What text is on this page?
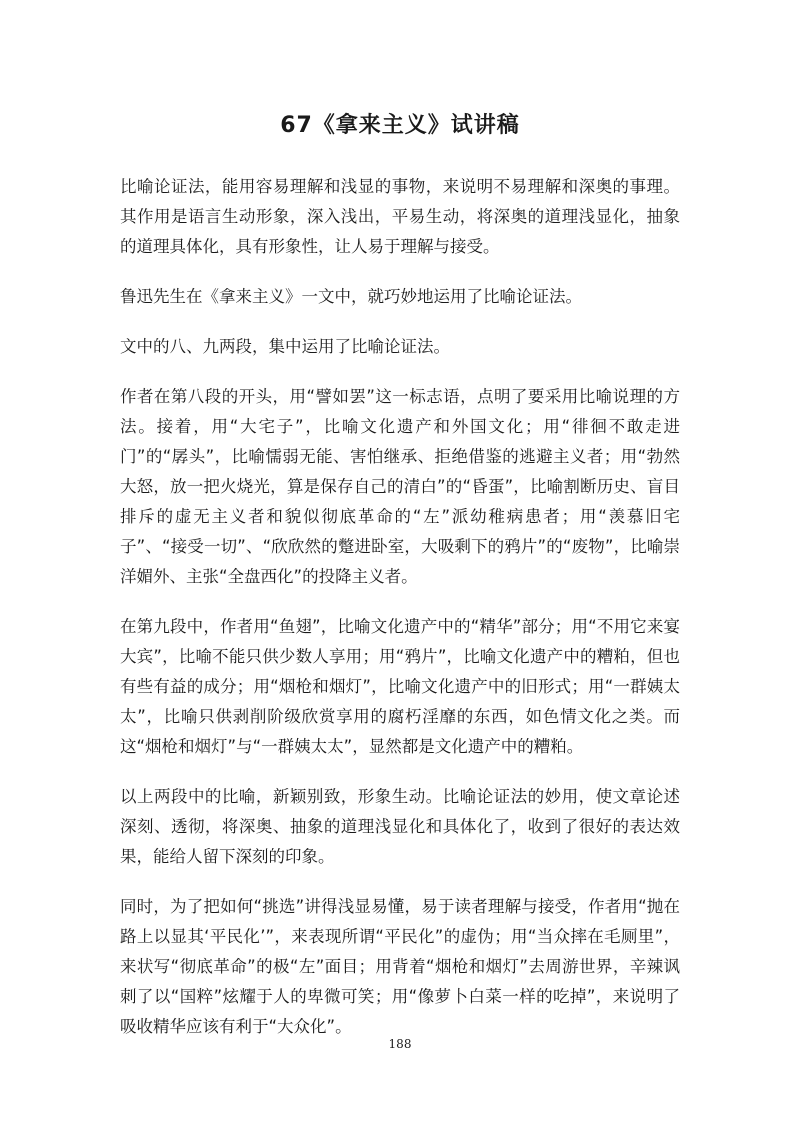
67《拿来主义》试讲稿

比喻论证法，能用容易理解和浅显的事物，来说明不易理解和深奥的事理。其作用是语言生动形象，深入浅出，平易生动，将深奥的道理浅显化，抽象的道理具体化，具有形象性，让人易于理解与接受。

鲁迅先生在《拿来主义》一文中，就巧妙地运用了比喻论证法。

文中的八、九两段，集中运用了比喻论证法。

作者在第八段的开头，用“譬如罢”这一标志语，点明了要采用比喻说理的方法。接着，用“大宅子”，比喻文化遗产和外国文化；用“徘徊不敢走进门”的“孱头”，比喻懦弱无能、害怕继承、拒绝借鉴的逃避主义者；用“勃然大怒，放一把火烧光，算是保存自己的清白”的“昏蛋”，比喻割断历史、盲目排斥的虚无主义者和貌似彻底革命的“左”派幼稚病患者；用“羡慕旧宅子”、“接受一切”、“欣欣然的蹩进卧室，大吸剩下的鸦片”的“废物”，比喻崇洋媚外、主张“全盘西化”的投降主义者。

在第九段中，作者用“鱼翅”，比喻文化遗产中的“精华”部分；用“不用它来宴大宾”，比喻不能只供少数人享用；用“鸦片”，比喻文化遗产中的糟粕，但也有些有益的成分；用“烟枪和烟灯”，比喻文化遗产中的旧形式；用“一群姨太太”，比喻只供剥削阶级欣赏享用的腐朽淫靡的东西，如色情文化之类。而这“烟枪和烟灯”与“一群姨太太”，显然都是文化遗产中的糟粕。

以上两段中的比喻，新颖别致，形象生动。比喻论证法的妙用，使文章论述深刻、透彻，将深奥、抽象的道理浅显化和具体化了，收到了很好的表达效果，能给人留下深刻的印象。

同时，为了把如何“挑选”讲得浅显易懂，易于读者理解与接受，作者用“抛在路上以显其‘平民化’”，来表现所谓“平民化”的虚伪；用“当众摔在毛厕里”，来状写“彻底革命”的极“左”面目；用背着“烟枪和烟灯”去周游世界，辛辣讽刺了以“国粹”炫耀于人的卑微可笑；用“像萝卜白菜一样的吃掉”，来说明了吸收精华应该有利于“大众化”。

188
